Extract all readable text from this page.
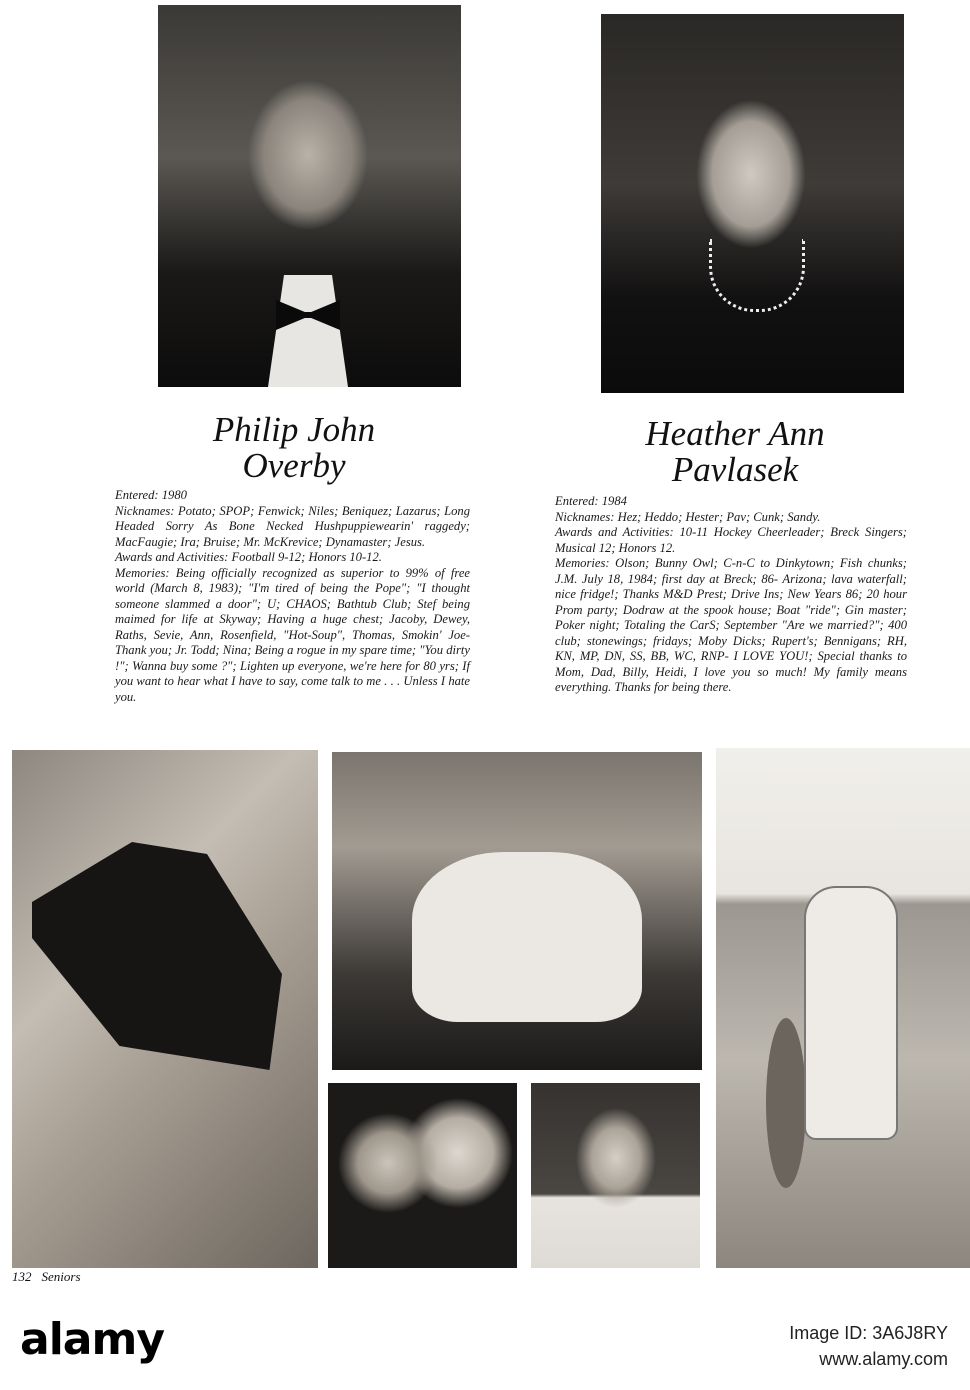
Philip John
Overby
Heather Ann
Pavlasek

Entered: 1980

Nicknames: Potato; SPOP; Fenwick; Niles; Beniquez; Lazarus; Long Headed Sorry As Bone Necked Hushpuppiewearin' raggedy; MacFaugie; Ira; Bruise; Mr. McKrevice; Dynamaster; Jesus.

Awards and Activities: Football 9-12; Honors 10-12.

Memories: Being officially recognized as superior to 99% of free world (March 8, 1983); "I'm tired of being the Pope"; "I thought someone slammed a door"; U; CHAOS; Bathtub Club; Stef being maimed for life at Skyway; Having a huge chest; Jacoby, Dewey, Raths, Sevie, Ann, Rosenfield, "Hot-Soup", Thomas, Smokin' Joe- Thank you; Jr. Todd; Nina; Being a rogue in my spare time; "You dirty !"; Wanna buy some ?"; Lighten up everyone, we're here for 80 yrs; If you want to hear what I have to say, come talk to me . . . Unless I hate you.

Entered: 1984

Nicknames: Hez; Heddo; Hester; Pav; Cunk; Sandy.

Awards and Activities: 10-11 Hockey Cheerleader; Breck Singers; Musical 12; Honors 12.

Memories: Olson; Bunny Owl; C-n-C to Dinkytown; Fish chunks; J.M. July 18, 1984; first day at Breck; 86- Arizona; lava waterfall; nice fridge!; Thanks M&D Prest; Drive Ins; New Years 86; 20 hour Prom party; Dodraw at the spook house; Boat "ride"; Gin master; Poker night; Totaling the CarS; September "Are we married?"; 400 club; stonewings; fridays; Moby Dicks; Rupert's; Bennigans; RH, KN, MP, DN, SS, BB, WC, RNP- I LOVE YOU!; Special thanks to Mom, Dad, Billy, Heidi, I love you so much! My family means everything. Thanks for being there.

132 Seniors
alamy	Image ID: 3A6J8RY
www.alamy.com
